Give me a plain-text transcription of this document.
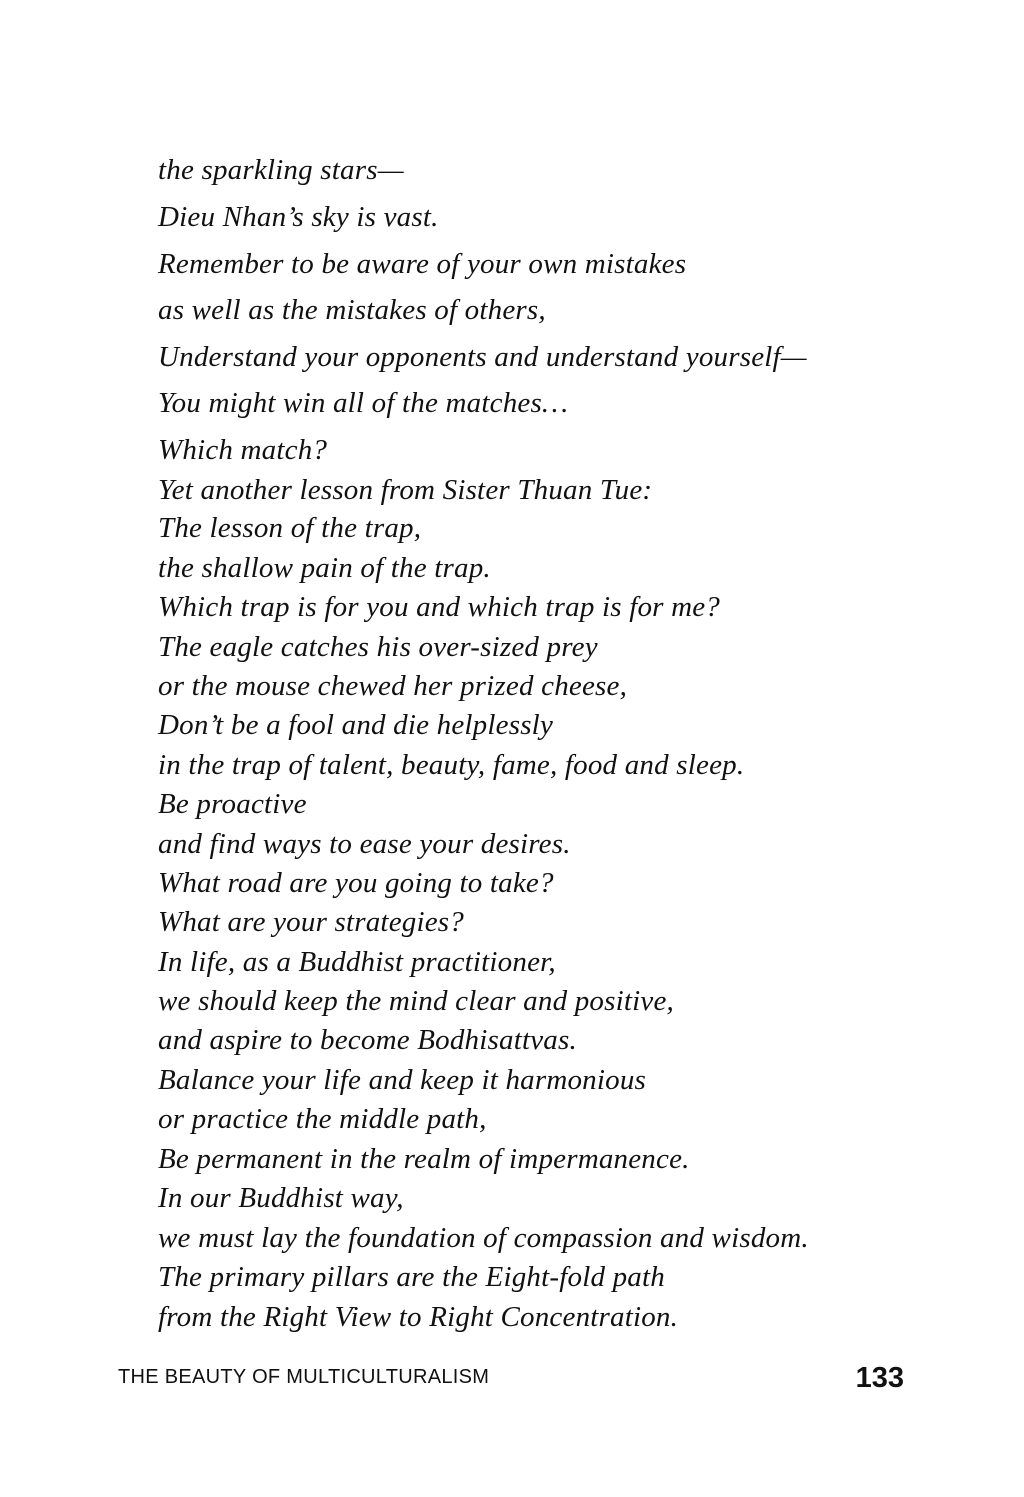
the sparkling stars—
Dieu Nhan’s sky is vast.
Remember to be aware of your own mistakes
as well as the mistakes of others,
Understand your opponents and understand yourself—
You might win all of the matches…
Which match?
Yet another lesson from Sister Thuan Tue:
The lesson of the trap,
the shallow pain of the trap.
Which trap is for you and which trap is for me?
The eagle catches his over-sized prey
or the mouse chewed her prized cheese,
Don’t be a fool and die helplessly
in the trap of talent, beauty, fame, food and sleep.
Be proactive
and find ways to ease your desires.
What road are you going to take?
What are your strategies?
In life, as a Buddhist practitioner,
we should keep the mind clear and positive,
and aspire to become Bodhisattvas.
Balance your life and keep it harmonious
or practice the middle path,
Be permanent in the realm of impermanence.
In our Buddhist way,
we must lay the foundation of compassion and wisdom.
The primary pillars are the Eight-fold path
from the Right View to Right Concentration.
THE BEAUTY OF MULTICULTURALISM	133
